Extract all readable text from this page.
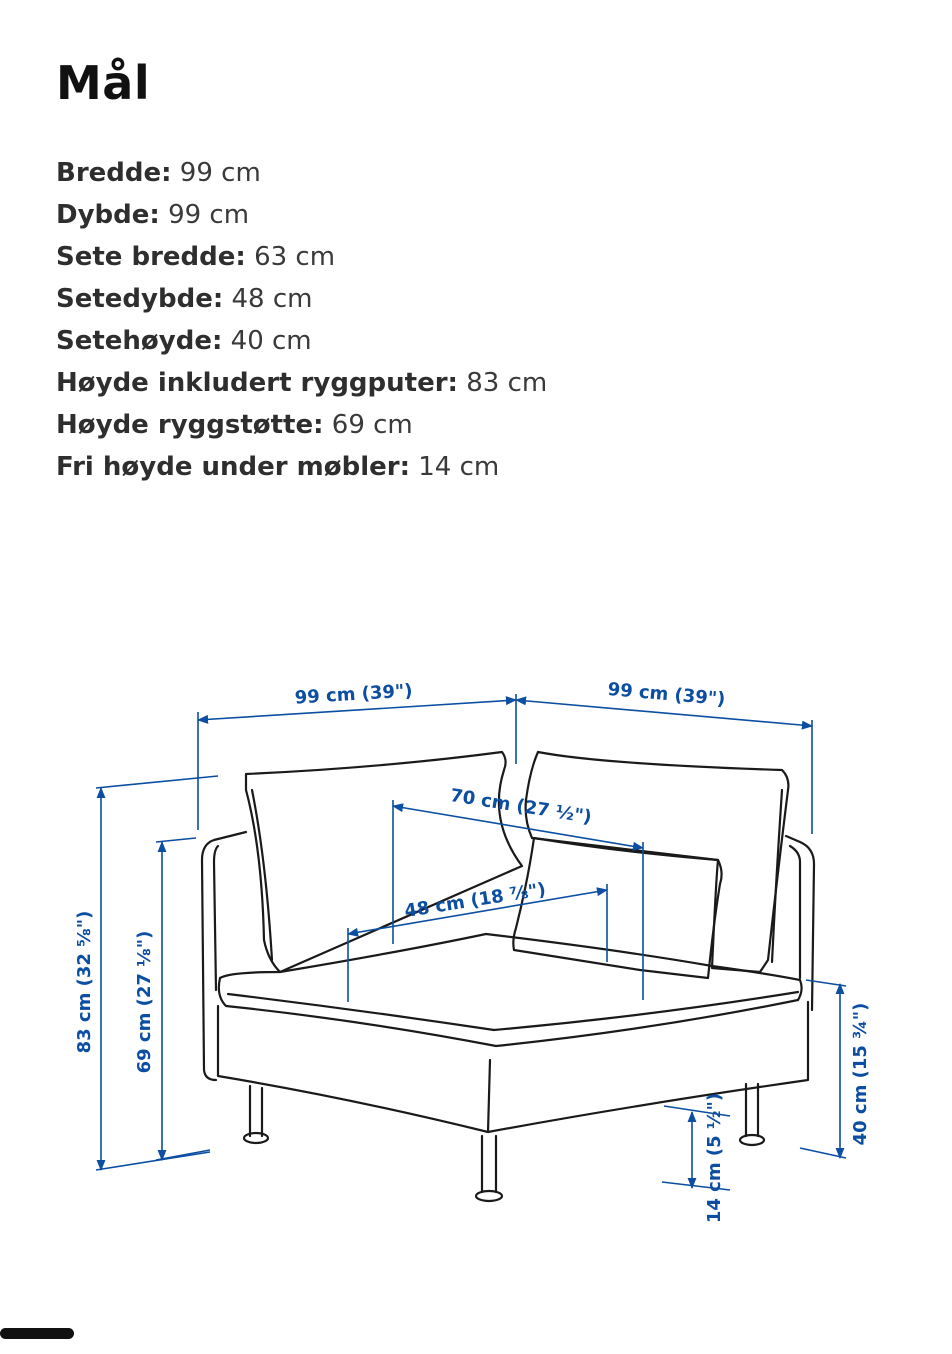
Mål
Bredde: 99 cm
Dybde: 99 cm
Sete bredde: 63 cm
Setedybde: 48 cm
Setehøyde: 40 cm
Høyde inkludert ryggputer: 83 cm
Høyde ryggstøtte: 69 cm
Fri høyde under møbler: 14 cm
99 cm (39")	99 cm (39")
70 cm (27 ½")
48 cm (18 ⅞")
83 cm (32 ⅝") 69 cm (27 ⅛")
40 cm (15 ¾")
14 cm (5 ½")
